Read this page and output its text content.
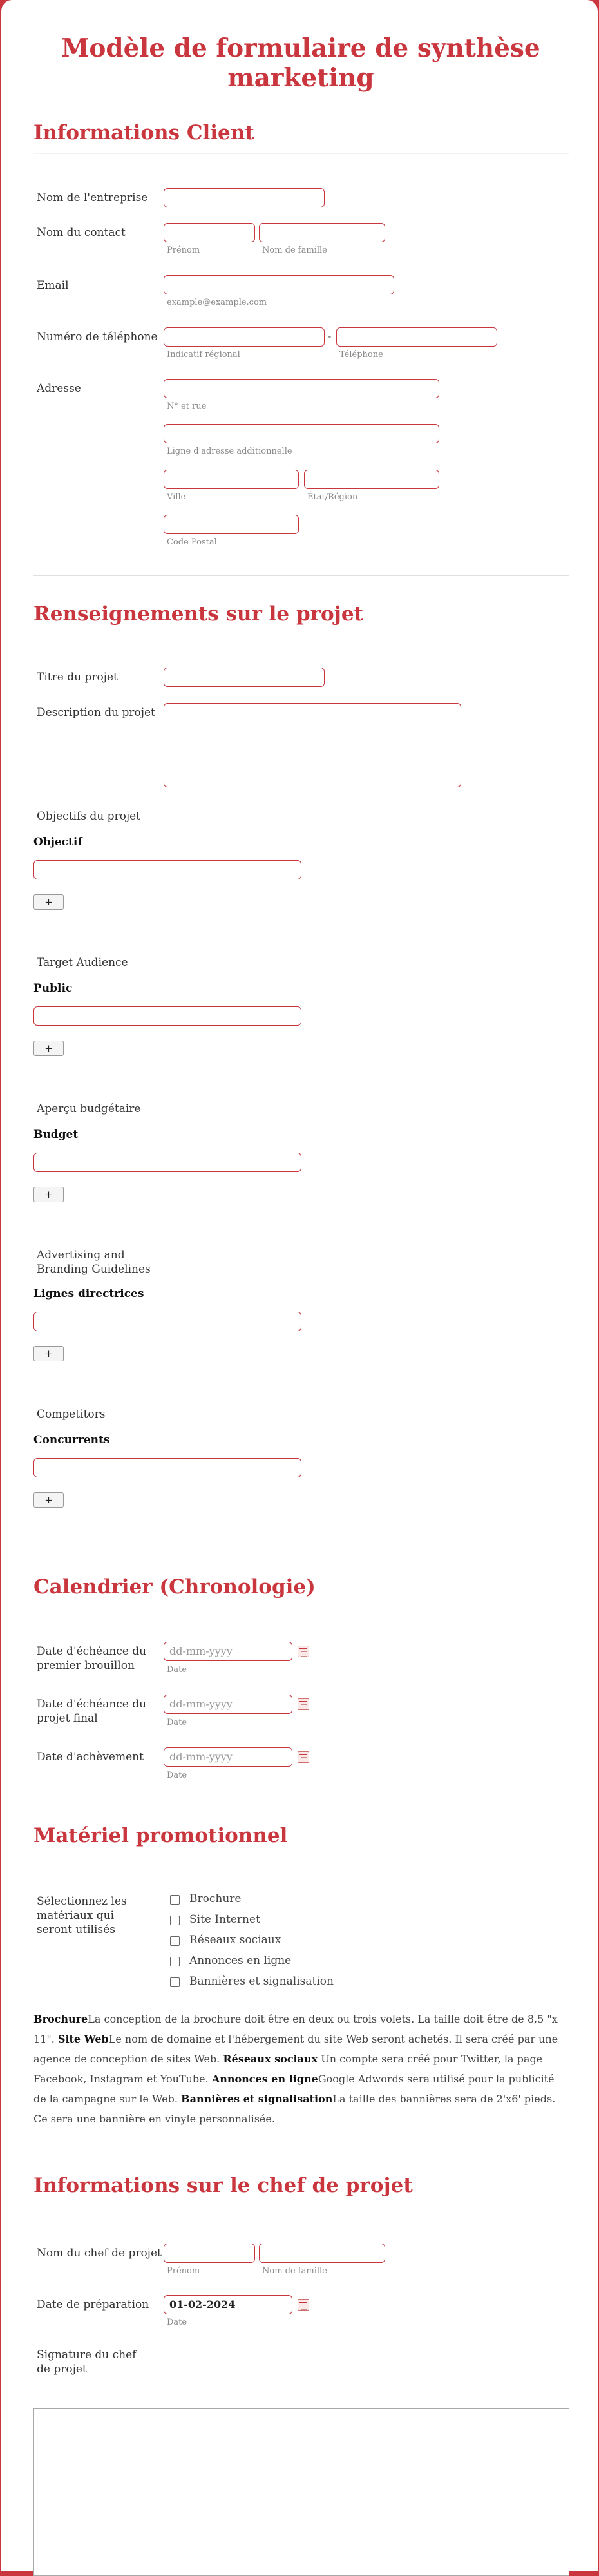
Modèle de formulaire de synthèse marketing
Informations Client
Nom de l'entreprise
Nom du contact
Prénom	Nom de famille
Email
example@example.com
Numéro de téléphone	-
Indicatif régional	Téléphone
Adresse
N° et rue
Ligne d'adresse additionnelle
Ville	État/Région
Code Postal
Renseignements sur le projet
Titre du projet
Description du projet
Objectifs du projet
Objectif
+
Target Audience
Public
+
Aperçu budgétaire
Budget
+
Advertising and Branding Guidelines
Lignes directrices
+
Competitors
Concurrents
+
Calendrier (Chronologie)
Date d'échéance du premier brouillon
dd-mm-yyyy
Date
Date d'échéance du projet final
dd-mm-yyyy
Date
Date d'achèvement	dd-mm-yyyy
Date
Matériel promotionnel
Sélectionnez les matériaux qui seront utilisés
Brochure
Site Internet
Réseaux sociaux
Annonces en ligne
Bannières et signalisation
BrochureLa conception de la brochure doit être en deux ou trois volets. La taille doit être de 8,5 "x 11". Site WebLe nom de domaine et l'hébergement du site Web seront achetés. Il sera créé par une agence de conception de sites Web. Réseaux sociaux Un compte sera créé pour Twitter, la page Facebook, Instagram et YouTube. Annonces en ligneGoogle Adwords sera utilisé pour la publicité de la campagne sur le Web. Bannières et signalisationLa taille des bannières sera de 2'x6' pieds. Ce sera une bannière en vinyle personnalisée.
Informations sur le chef de projet
Nom du chef de projet
Prénom	Nom de famille
Date de préparation	01-02-2024
Date
Signature du chef de projet
